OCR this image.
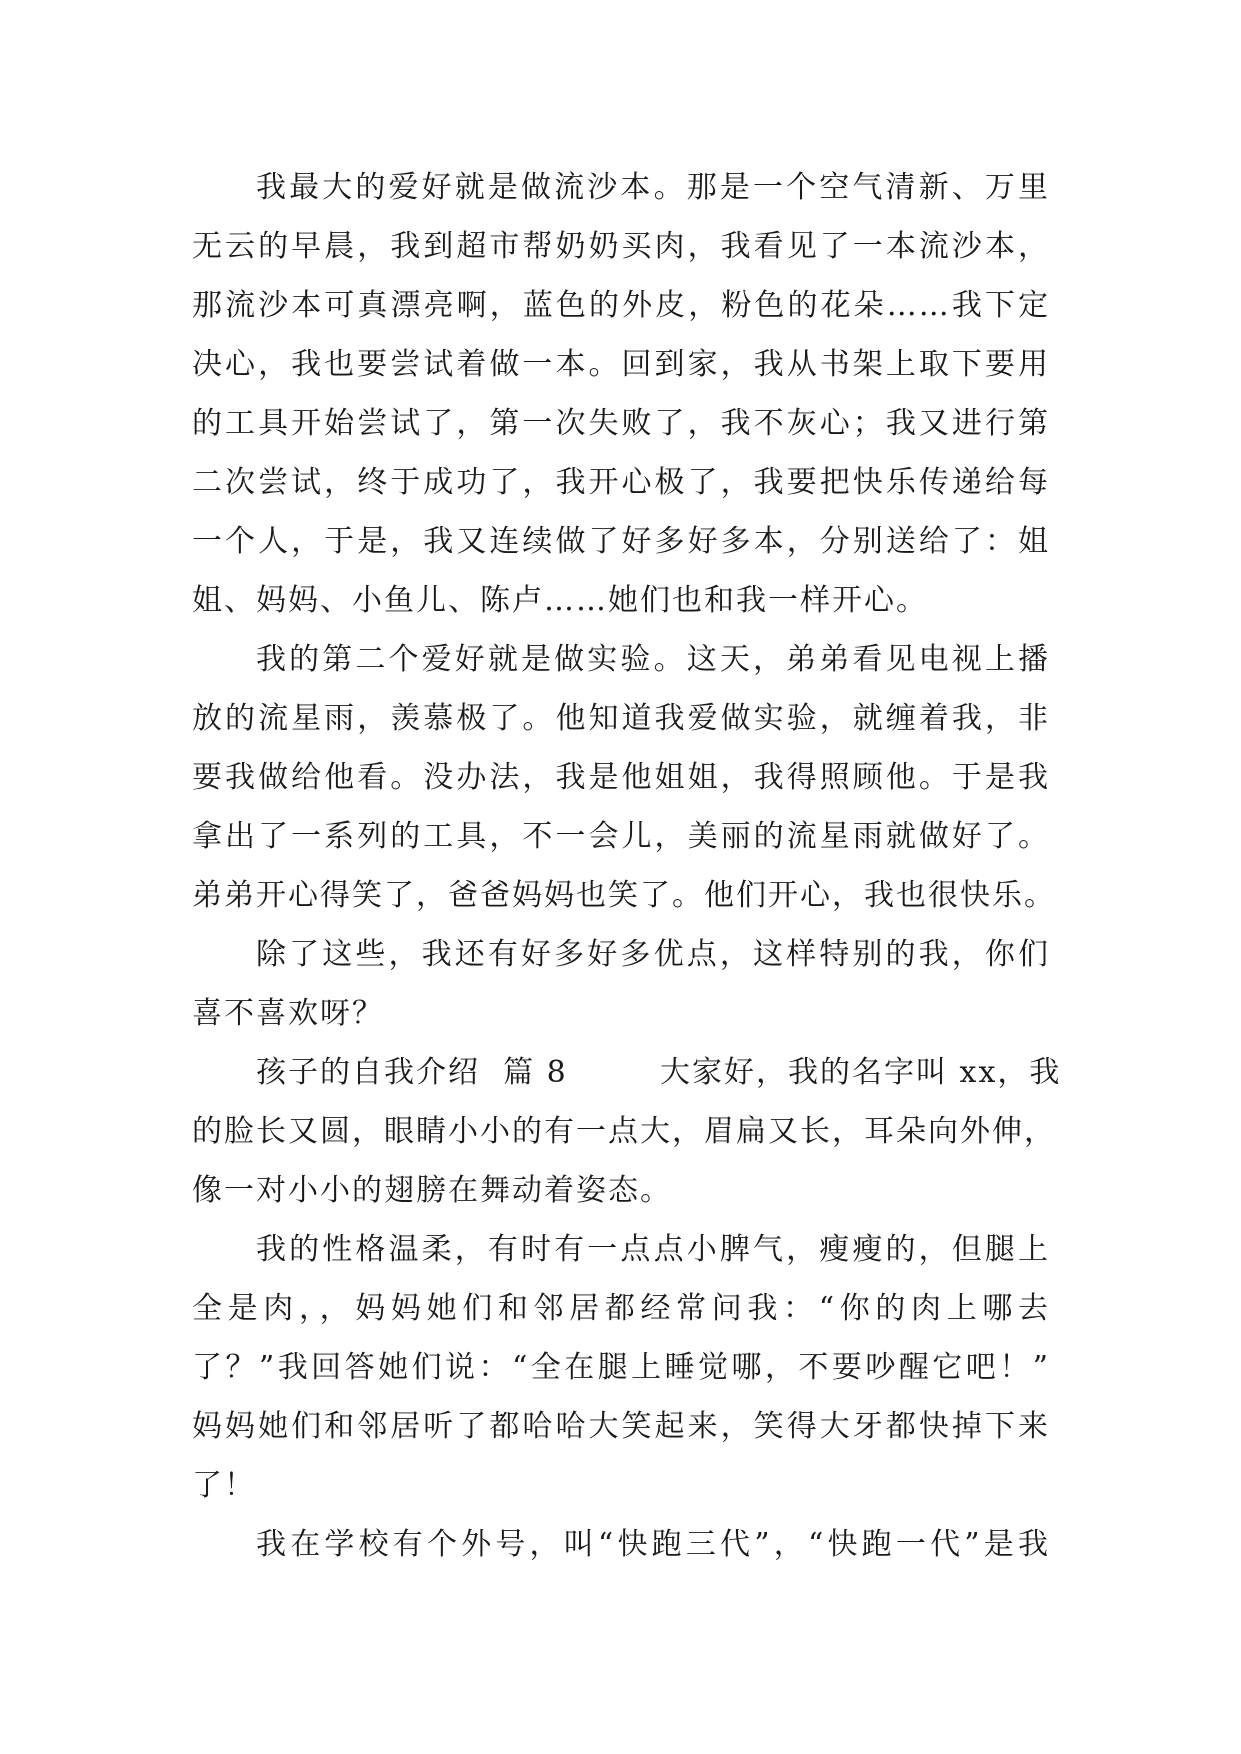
我最大的爱好就是做流沙本。那是一个空气清新、万里
无云的早晨，我到超市帮奶奶买肉，我看见了一本流沙本，
那流沙本可真漂亮啊，蓝色的外皮，粉色的花朵……我下定
决心，我也要尝试着做一本。回到家，我从书架上取下要用
的工具开始尝试了，第一次失败了，我不灰心；我又进行第
二次尝试，终于成功了，我开心极了，我要把快乐传递给每
一个人，于是，我又连续做了好多好多本，分别送给了：姐
姐、妈妈、小鱼儿、陈卢……她们也和我一样开心。
我的第二个爱好就是做实验。这天，弟弟看见电视上播
放的流星雨，羡慕极了。他知道我爱做实验，就缠着我，非
要我做给他看。没办法，我是他姐姐，我得照顾他。于是我
拿出了一系列的工具，不一会儿，美丽的流星雨就做好了。
弟弟开心得笑了，爸爸妈妈也笑了。他们开心，我也很快乐。
除了这些，我还有好多好多优点，这样特别的我，你们
喜不喜欢呀？
孩子的自我介绍  篇 8        大家好，我的名字叫 xx，我
的脸长又圆，眼睛小小的有一点大，眉扁又长，耳朵向外伸，
像一对小小的翅膀在舞动着姿态。
我的性格温柔，有时有一点点小脾气，瘦瘦的，但腿上
全是肉，，妈妈她们和邻居都经常问我：“你的肉上哪去
了？”我回答她们说：“全在腿上睡觉哪，不要吵醒它吧！”
妈妈她们和邻居听了都哈哈大笑起来，笑得大牙都快掉下来
了！
我在学校有个外号，叫“快跑三代”，“快跑一代”是我
